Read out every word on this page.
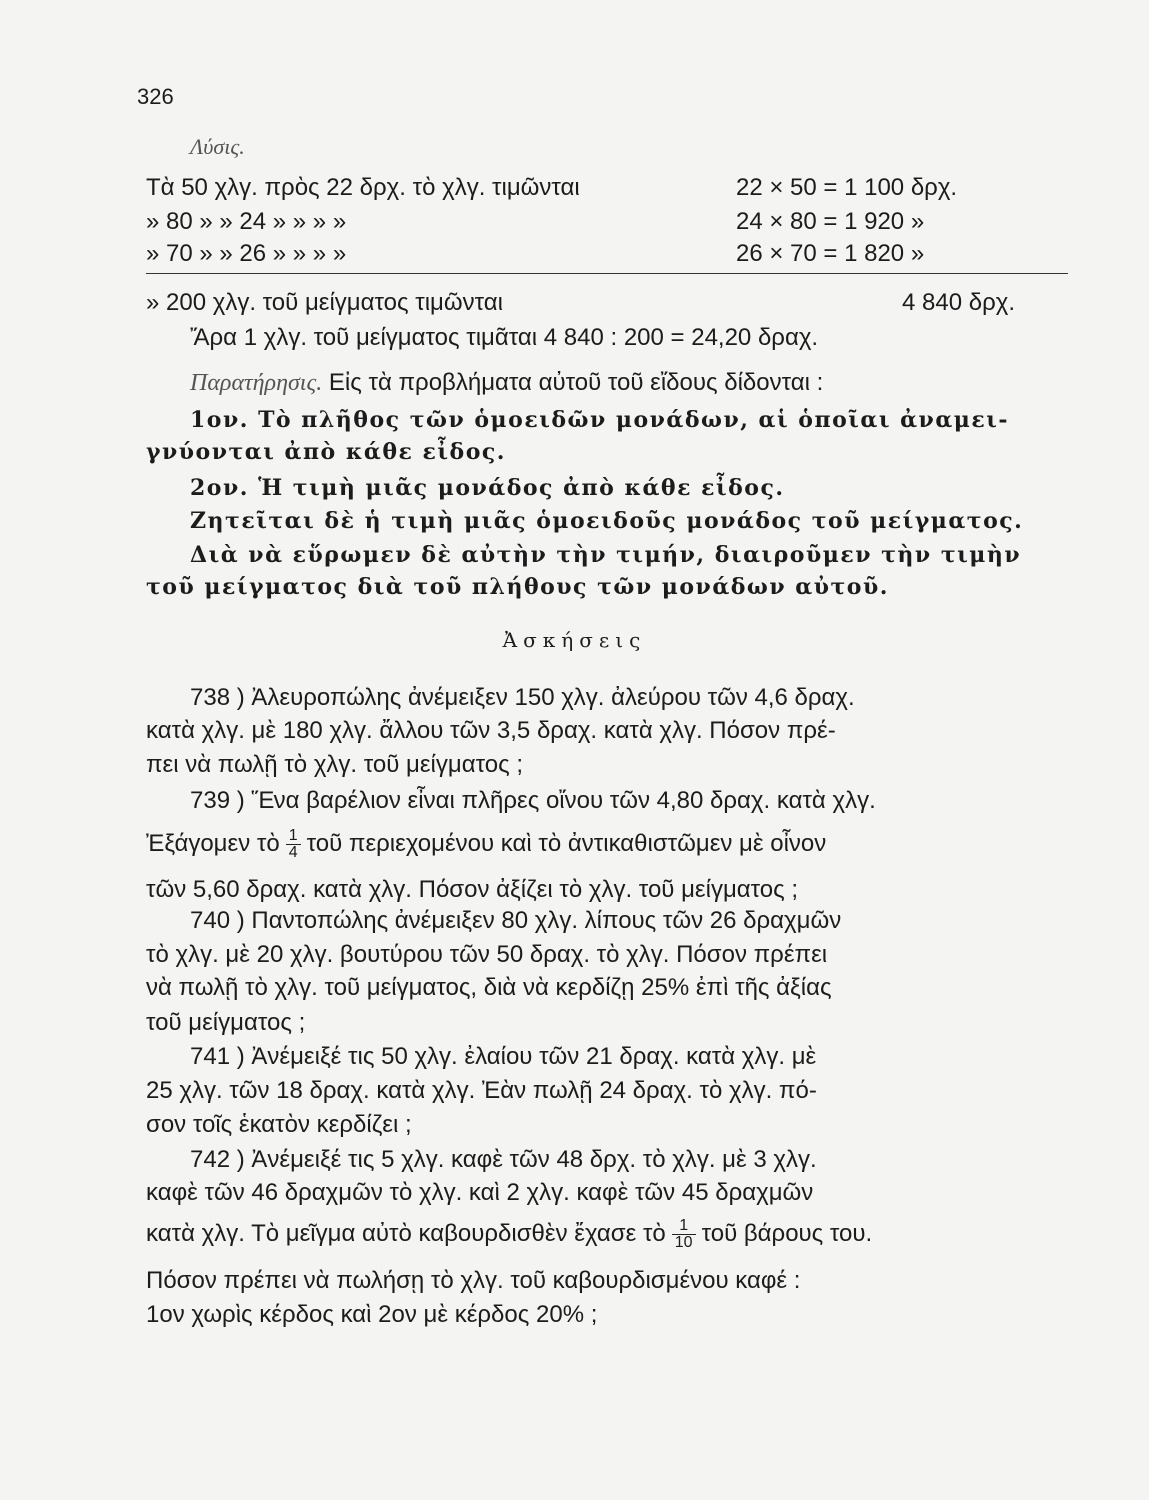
326
Λύσις.
Τὰ 50 χλγ. πρὸς 22 δρχ. τὸ χλγ. τιμῶνται	22 × 50 = 1 100 δρχ.
» 80 » » 24 » » » »	24 × 80 = 1 920 »
» 70 » » 26 » » » »	26 × 70 = 1 820 »
» 200 χλγ. τοῦ μείγματος τιμῶνται	4 840 δρχ.
Ἄρα 1 χλγ. τοῦ μείγματος τιμᾶται 4 840 : 200 = 24,20 δραχ.
Παρατήρησις. Εἰς τὰ προβλήματα αὐτοῦ τοῦ εἴδους δίδονται :
1ον. Τὸ πλῆθος τῶν ὁμοειδῶν μονάδων, αἱ ὁποῖαι ἀναμει-
γνύονται ἀπὸ κάθε εἶδος.
2ον. Ἡ τιμὴ μιᾶς μονάδος ἀπὸ κάθε εἶδος.
Ζητεῖται δὲ ἡ τιμὴ μιᾶς ὁμοειδοῦς μονάδος τοῦ μείγματος.
Διὰ νὰ εὕρωμεν δὲ αὐτὴν τὴν τιμήν, διαιροῦμεν τὴν τιμὴν
τοῦ μείγματος διὰ τοῦ πλήθους τῶν μονάδων αὐτοῦ.
Ἀσκήσεις
738 ) Ἀλευροπώλης ἀνέμειξεν 150 χλγ. ἀλεύρου τῶν 4,6 δραχ.
κατὰ χλγ. μὲ 180 χλγ. ἄλλου τῶν 3,5 δραχ. κατὰ χλγ. Πόσον πρέ-
πει νὰ πωλῇ τὸ χλγ. τοῦ μείγματος ;
739 ) Ἕνα βαρέλιον εἶναι πλῆρες οἴνου τῶν 4,80 δραχ. κατὰ χλγ.
Ἐξάγομεν τὸ $\frac{1}{4}$ τοῦ περιεχομένου καὶ τὸ ἀντικαθιστῶμεν μὲ οἶνον
τῶν 5,60 δραχ. κατὰ χλγ. Πόσον ἀξίζει τὸ χλγ. τοῦ μείγματος ;
740 ) Παντοπώλης ἀνέμειξεν 80 χλγ. λίπους τῶν 26 δραχμῶν
τὸ χλγ. μὲ 20 χλγ. βουτύρου τῶν 50 δραχ. τὸ χλγ. Πόσον πρέπει
νὰ πωλῇ τὸ χλγ. τοῦ μείγματος, διὰ νὰ κερδίζῃ 25% ἐπὶ τῆς ἀξίας
τοῦ μείγματος ;
741 ) Ἀνέμειξέ τις 50 χλγ. ἐλαίου τῶν 21 δραχ. κατὰ χλγ. μὲ
25 χλγ. τῶν 18 δραχ. κατὰ χλγ. Ἐὰν πωλῇ 24 δραχ. τὸ χλγ. πό-
σον τοῖς ἑκατὸν κερδίζει ;
742 ) Ἀνέμειξέ τις 5 χλγ. καφὲ τῶν 48 δρχ. τὸ χλγ. μὲ 3 χλγ.
καφὲ τῶν 46 δραχμῶν τὸ χλγ. καὶ 2 χλγ. καφὲ τῶν 45 δραχμῶν
κατὰ χλγ. Τὸ μεῖγμα αὐτὸ καβουρδισθὲν ἔχασε τὸ $\frac{1}{10}$ τοῦ βάρους του.
Πόσον πρέπει νὰ πωλήσῃ τὸ χλγ. τοῦ καβουρδισμένου καφέ :
1ον χωρὶς κέρδος καὶ 2ον μὲ κέρδος 20% ;
